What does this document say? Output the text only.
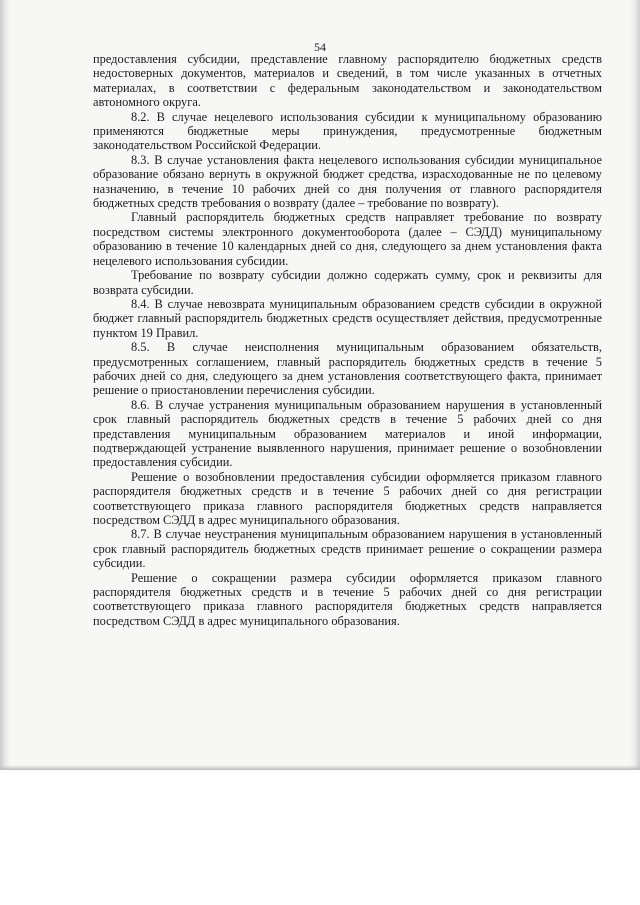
54

предоставления субсидии, представление главному распорядителю бюджетных средств недостоверных документов, материалов и сведений, в том числе указанных в отчетных материалах, в соответствии с федеральным законодательством и законодательством автономного округа.

8.2. В случае нецелевого использования субсидии к муниципальному образованию применяются бюджетные меры принуждения, предусмотренные бюджетным законодательством Российской Федерации.

8.3. В случае установления факта нецелевого использования субсидии муниципальное образование обязано вернуть в окружной бюджет средства, израсходованные не по целевому назначению, в течение 10 рабочих дней со дня получения от главного распорядителя бюджетных средств требования о возврату (далее – требование по возврату).

Главный распорядитель бюджетных средств направляет требование по возврату посредством системы электронного документооборота (далее – СЭДД) муниципальному образованию в течение 10 календарных дней со дня, следующего за днем установления факта нецелевого использования субсидии.

Требование по возврату субсидии должно содержать сумму, срок и реквизиты для возврата субсидии.

8.4. В случае невозврата муниципальным образованием средств субсидии в окружной бюджет главный распорядитель бюджетных средств осуществляет действия, предусмотренные пунктом 19 Правил.

8.5. В случае неисполнения муниципальным образованием обязательств, предусмотренных соглашением, главный распорядитель бюджетных средств в течение 5 рабочих дней со дня, следующего за днем установления соответствующего факта, принимает решение о приостановлении перечисления субсидии.

8.6. В случае устранения муниципальным образованием нарушения в установленный срок главный распорядитель бюджетных средств в течение 5 рабочих дней со дня представления муниципальным образованием материалов и иной информации, подтверждающей устранение выявленного нарушения, принимает решение о возобновлении предоставления субсидии.

Решение о возобновлении предоставления субсидии оформляется приказом главного распорядителя бюджетных средств и в течение 5 рабочих дней со дня регистрации соответствующего приказа главного распорядителя бюджетных средств направляется посредством СЭДД в адрес муниципального образования.

8.7. В случае неустранения муниципальным образованием нарушения в установленный срок главный распорядитель бюджетных средств принимает решение о сокращении размера субсидии.

Решение о сокращении размера субсидии оформляется приказом главного распорядителя бюджетных средств и в течение 5 рабочих дней со дня регистрации соответствующего приказа главного распорядителя бюджетных средств направляется посредством СЭДД в адрес муниципального образования.
